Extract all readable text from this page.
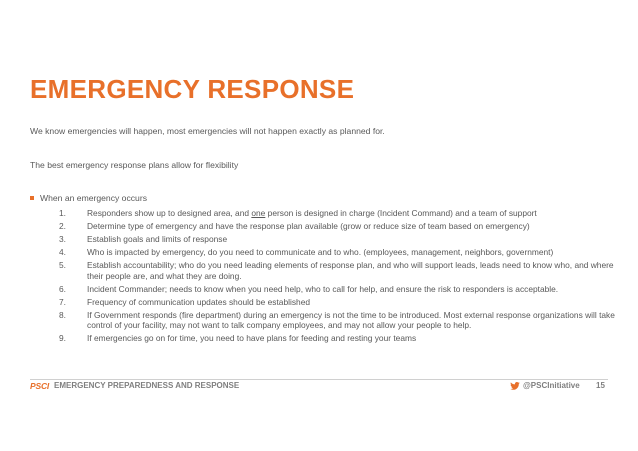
EMERGENCY RESPONSE
We know emergencies will happen, most emergencies will not happen exactly as planned for.
The best emergency response plans allow for flexibility
When an emergency occurs
1.	Responders show up to designed area, and one person is designed in charge (Incident Command) and a team of support
2.	Determine type of emergency and have the response plan available (grow or reduce size of team based on emergency)
3.	Establish goals and limits of response
4.	Who is impacted by emergency, do you need to communicate and to who. (employees, management, neighbors, government)
5.	Establish accountability; who do you need leading elements of response plan, and who will support leads, leads need to know who, and where their people are, and what they are doing.
6.	Incident Commander; needs to know when you need help, who to call for help, and ensure the risk to responders is acceptable.
7.	Frequency of communication updates should be established
8.	If Government responds (fire department) during an emergency is not the time to be introduced. Most external response organizations will take control of your facility, may not want to talk company employees, and may not allow your people to help.
9.	If emergencies go on for time, you need to have plans for feeding and resting your teams
PSCI EMERGENCY PREPAREDNESS AND RESPONSE	@PSCInitiative 15
